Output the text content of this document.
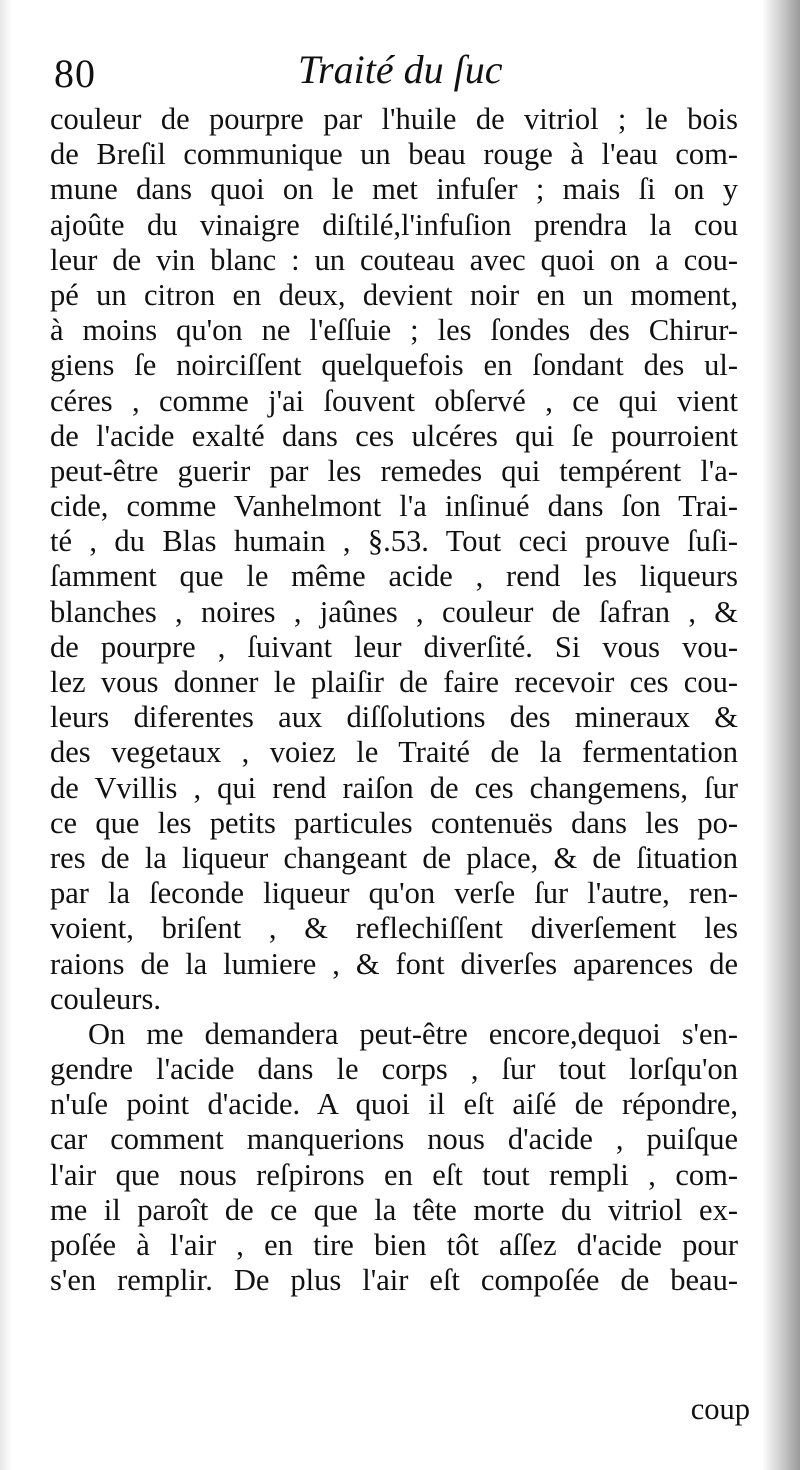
80	Traité du ſuc
couleur de pourpre par l'huile de vitriol ; le bois
de Breſil communique un beau rouge à l'eau com-
mune dans quoi on le met infuſer ; mais ſi on y
ajoûte du vinaigre diſtilé,l'infuſion prendra la cou
leur de vin blanc : un couteau avec quoi on a cou-
pé un citron en deux, devient noir en un moment,
à moins qu'on ne l'eſſuie ; les ſondes des Chirur-
giens ſe noirciſſent quelquefois en ſondant des ul-
céres , comme j'ai ſouvent obſervé , ce qui vient
de l'acide exalté dans ces ulcéres qui ſe pourroient
peut-être guerir par les remedes qui tempérent l'a-
cide, comme Vanhelmont l'a inſinué dans ſon Trai-
té , du Blas humain , §.53. Tout ceci prouve ſuſi-
ſamment que le même acide , rend les liqueurs
blanches , noires , jaûnes , couleur de ſafran , &
de pourpre , ſuivant leur diverſité. Si vous vou-
lez vous donner le plaiſir de faire recevoir ces cou-
leurs diferentes aux diſſolutions des mineraux &
des vegetaux , voiez le Traité de la fermentation
de Vvillis , qui rend raiſon de ces changemens, ſur
ce que les petits particules contenuës dans les po-
res de la liqueur changeant de place, & de ſituation
par la ſeconde liqueur qu'on verſe ſur l'autre, ren-
voient, briſent , & reflechiſſent diverſement les
raions de la lumiere , & font diverſes aparences de
couleurs.
On me demandera peut-être encore,dequoi s'en-
gendre l'acide dans le corps , ſur tout lorſqu'on
n'uſe point d'acide. A quoi il eſt aiſé de répondre,
car comment manquerions nous d'acide , puiſque
l'air que nous reſpirons en eſt tout rempli , com-
me il paroît de ce que la tête morte du vitriol ex-
poſée à l'air , en tire bien tôt aſſez d'acide pour
s'en remplir. De plus l'air eſt compoſée de beau-
coup
